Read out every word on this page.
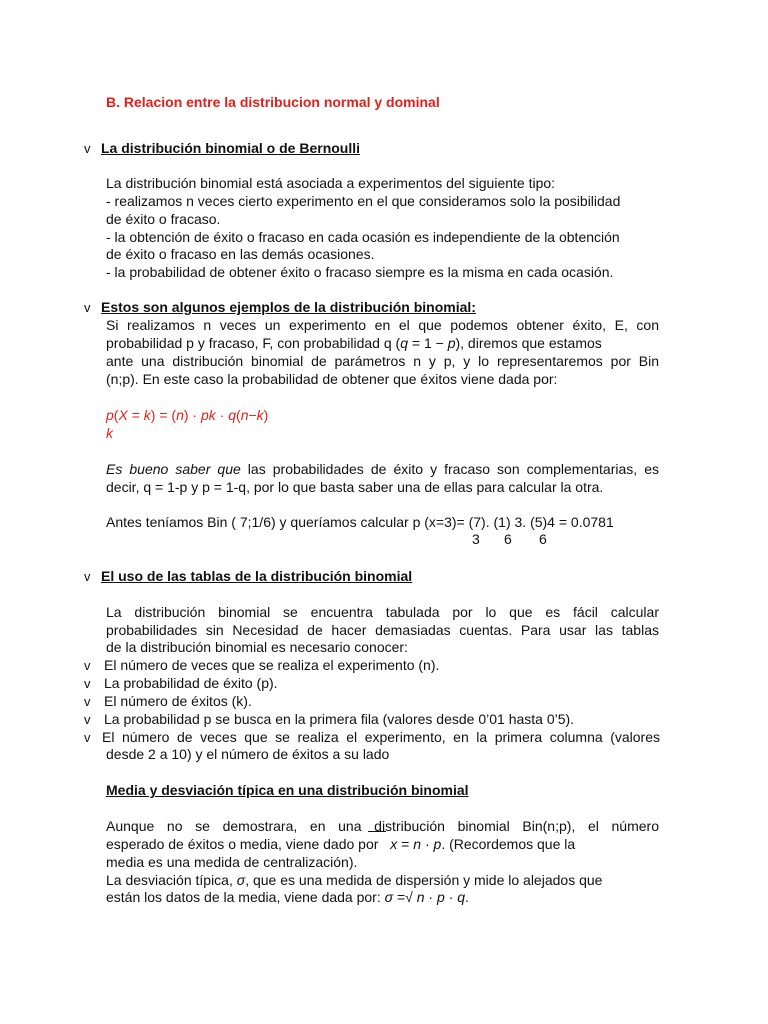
B. Relacion entre la distribucion normal y dominal
v La distribución binomial o de Bernoulli
La distribución binomial está asociada a experimentos del siguiente tipo:
- realizamos n veces cierto experimento en el que consideramos solo la posibilidad
de éxito o fracaso.
- la obtención de éxito o fracaso en cada ocasión es independiente de la obtención
de éxito o fracaso en las demás ocasiones.
- la probabilidad de obtener éxito o fracaso siempre es la misma en cada ocasión.
v Estos son algunos ejemplos de la distribución binomial:
Si realizamos n veces un experimento en el que podemos obtener éxito, E, con
probabilidad p y fracaso, F, con probabilidad q (q = 1 − p), diremos que estamos
ante una distribución binomial de parámetros n y p, y lo representaremos por Bin
(n;p). En este caso la probabilidad de obtener que éxitos viene dada por:
p(X = k) = (n) · pk · q(n−k)
k
Es bueno saber que las probabilidades de éxito y fracaso son complementarias, es
decir, q = 1-p y p = 1-q, por lo que basta saber una de ellas para calcular la otra.
Antes teníamos Bin ( 7;1/6) y queríamos calcular p (x=3)= (7). (1) 3. (5)4 = 0.0781
3 6 6
v El uso de las tablas de la distribución binomial
La distribución binomial se encuentra tabulada por lo que es fácil calcular
probabilidades sin Necesidad de hacer demasiadas cuentas. Para usar las tablas
de la distribución binomial es necesario conocer:
v El número de veces que se realiza el experimento (n).
v La probabilidad de éxito (p).
v El número de éxitos (k).
v La probabilidad p se busca en la primera fila (valores desde 0’01 hasta 0’5).
v El número de veces que se realiza el experimento, en la primera columna (valores
desde 2 a 10) y el número de éxitos a su lado
Media y desviación típica en una distribución binomial
Aunque no se demostrara, en una distribución binomial Bin(n;p), el número
esperado de éxitos o media, viene dado por
x = n · p. (Recordemos que la
media es una medida de centralización).
La desviación típica, σ, que es una medida de dispersión y mide lo alejados que
están los datos de la media, viene dada por: σ =√ n · p · q.
